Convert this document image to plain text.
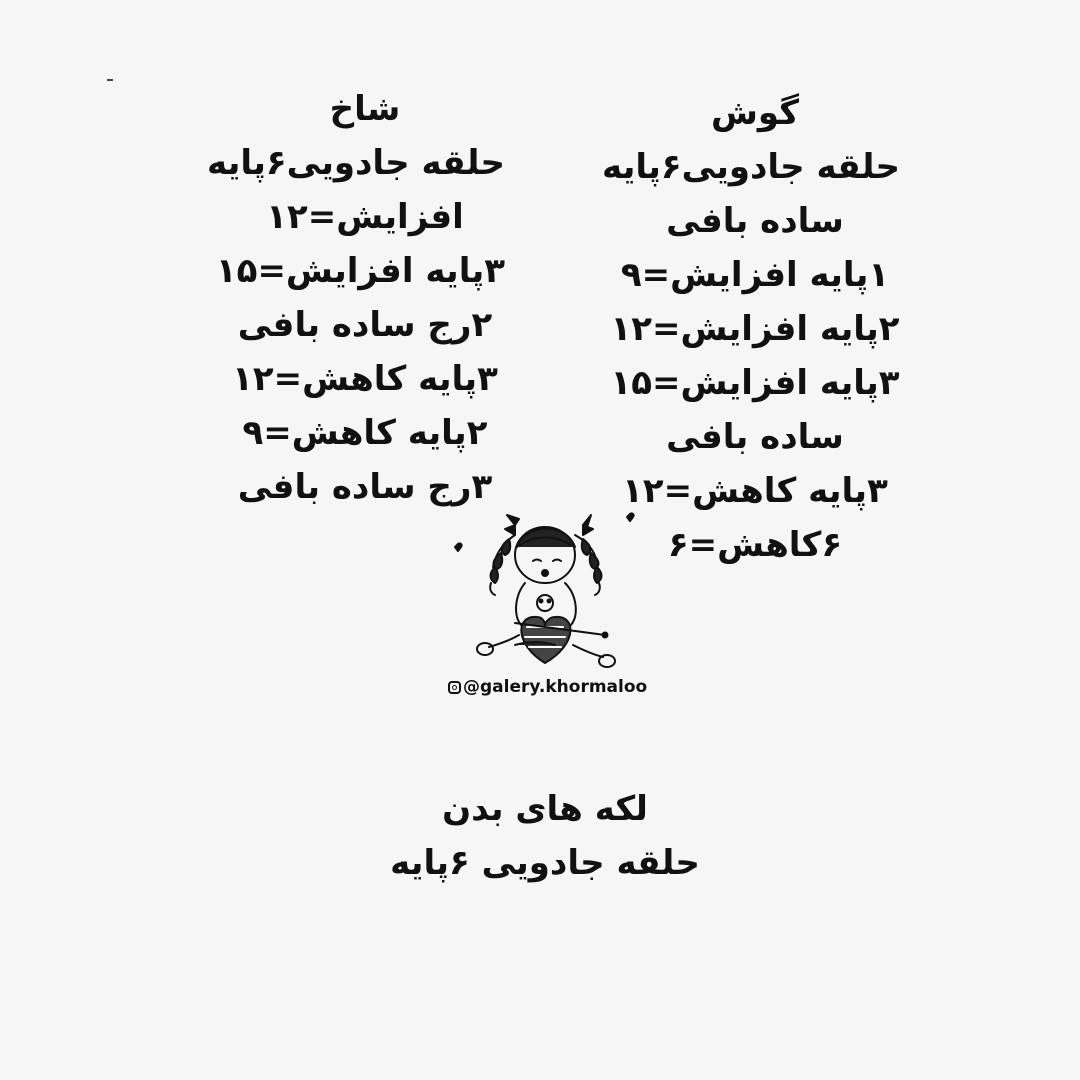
شاخ
حلقه جادویی۶پایه
افزایش=۱۲
۳پایه افزایش=۱۵
۲رج ساده بافی
۳پایه کاهش=۱۲
۲پایه کاهش=۹
۳رج ساده بافی
گوش
حلقه جادویی۶پایه
ساده بافی
۱پایه افزایش=۹
۲پایه افزایش=۱۲
۳پایه افزایش=۱۵
ساده بافی
۳پایه کاهش=۱۲
۶کاهش=۶
لکه های بدن
حلقه جادویی ۶پایه
@galery.khormaloo
